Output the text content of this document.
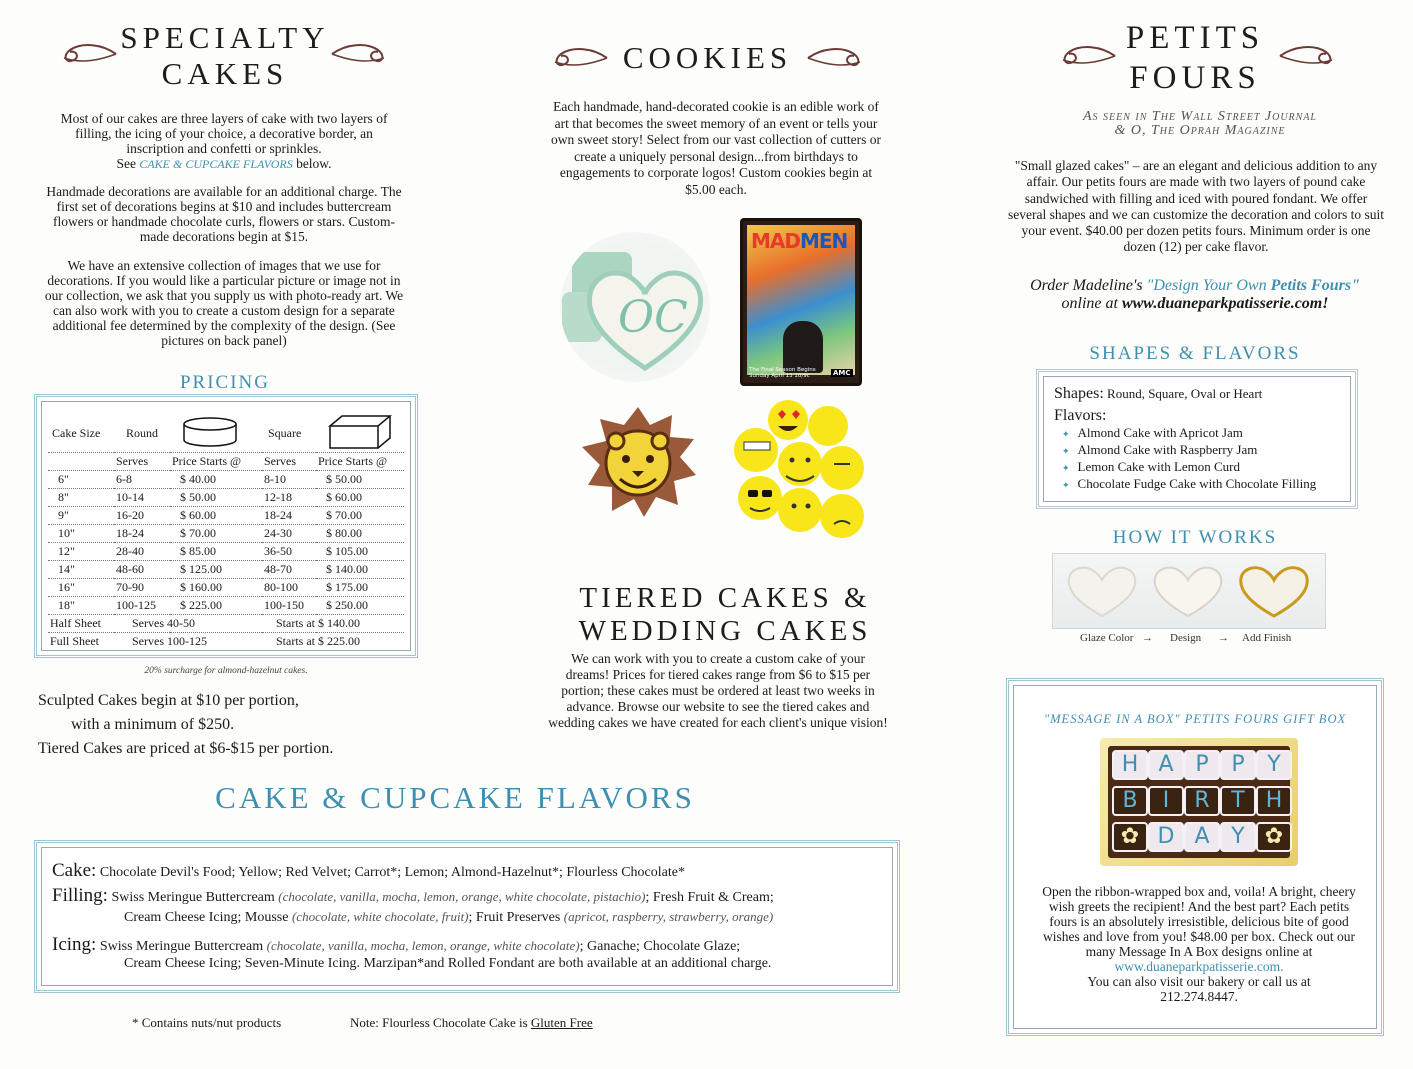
SPECIALTY
CAKES
Most of our cakes are three layers of cake with two layers of filling, the icing of your choice, a decorative border, an inscription and confetti or sprinkles.
See CAKE & CUPCAKE FLAVORS below.
Handmade decorations are available for an additional charge. The first set of decorations begins at $10 and includes buttercream flowers or handmade chocolate curls, flowers or stars. Custom-made decorations begin at $15.
We have an extensive collection of images that we use for decorations. If you would like a particular picture or image not in our collection, we ask that you supply us with photo-ready art. We can also work with you to create a custom design for a separate additional fee determined by the complexity of the design. (See pictures on back panel)
PRICING
Cake Size Round	Square
	Serves	Price Starts @	Serves	Price Starts @
6"	6-8	$ 40.00	8-10	$ 50.00
8"	10-14	$ 50.00	12-18	$ 60.00
9"	16-20	$ 60.00	18-24	$ 70.00
10"	18-24	$ 70.00	24-30	$ 80.00
12"	28-40	$ 85.00	36-50	$ 105.00
14"	48-60	$ 125.00	48-70	$ 140.00
16"	70-90	$ 160.00	80-100	$ 175.00
18"	100-125	$ 225.00	100-150	$ 250.00
Half Sheet	Serves 40-50		Starts at $ 140.00	
Full Sheet	Serves 100-125		Starts at $ 225.00	
20% surcharge for almond-hazelnut cakes.
Sculpted Cakes begin at $10 per portion,
with a minimum of $250.
Tiered Cakes are priced at $6-$15 per portion.
COOKIES
Each handmade, hand-decorated cookie is an edible work of art that becomes the sweet memory of an event or tells your own sweet story! Select from our vast collection of cutters or create a uniquely personal design...from birthdays to engagements to corporate logos! Custom cookies begin at $5.00 each.
OC
MADMEN
The Final Season Begins Sunday April 13 10/9c	AMC
TIERED CAKES &
WEDDING CAKES
We can work with you to create a custom cake of your dreams! Prices for tiered cakes range from $6 to $15 per portion; these cakes must be ordered at least two weeks in advance. Browse our website to see the tiered cakes and wedding cakes we have created for each client's unique vision!
CAKE & CUPCAKE FLAVORS
Cake: Chocolate Devil's Food; Yellow; Red Velvet; Carrot*; Lemon; Almond-Hazelnut*; Flourless Chocolate*
Filling: Swiss Meringue Buttercream (chocolate, vanilla, mocha, lemon, orange, white chocolate, pistachio); Fresh Fruit & Cream;
Cream Cheese Icing; Mousse (chocolate, white chocolate, fruit); Fruit Preserves (apricot, raspberry, strawberry, orange)
Icing: Swiss Meringue Buttercream (chocolate, vanilla, mocha, lemon, orange, white chocolate); Ganache; Chocolate Glaze;
Cream Cheese Icing; Seven-Minute Icing. Marzipan*and Rolled Fondant are both available at an additional charge.
* Contains nuts/nut products	Note: Flourless Chocolate Cake is Gluten Free
PETITS
FOURS
As seen in The Wall Street Journal
& O, The Oprah Magazine
"Small glazed cakes" – are an elegant and delicious addition to any affair. Our petits fours are made with two layers of pound cake sandwiched with filling and iced with poured fondant. We offer several shapes and we can customize the decoration and colors to suit your event. $40.00 per dozen petits fours. Minimum order is one dozen (12) per cake flavor.
Order Madeline's "Design Your Own Petits Fours"
online at www.duaneparkpatisserie.com!
SHAPES & FLAVORS
Shapes: Round, Square, Oval or Heart
Flavors:
✦ Almond Cake with Apricot Jam
✦ Almond Cake with Raspberry Jam
✦ Lemon Cake with Lemon Curd
✦ Chocolate Fudge Cake with Chocolate Filling
HOW IT WORKS
Glaze Color → Design → Add Finish
"MESSAGE IN A BOX" PETITS FOURS GIFT BOX
H A P	P	Y
B	I	R T H
✿ D A Y ✿
Open the ribbon-wrapped box and, voila! A bright, cheery wish greets the recipient! And the best part? Each petits fours is an absolutely irresistible, delicious bite of good wishes and love from you! $48.00 per box. Check out our many Message In A Box designs online at
www.duaneparkpatisserie.com.
You can also visit our bakery or call us at
212.274.8447.
